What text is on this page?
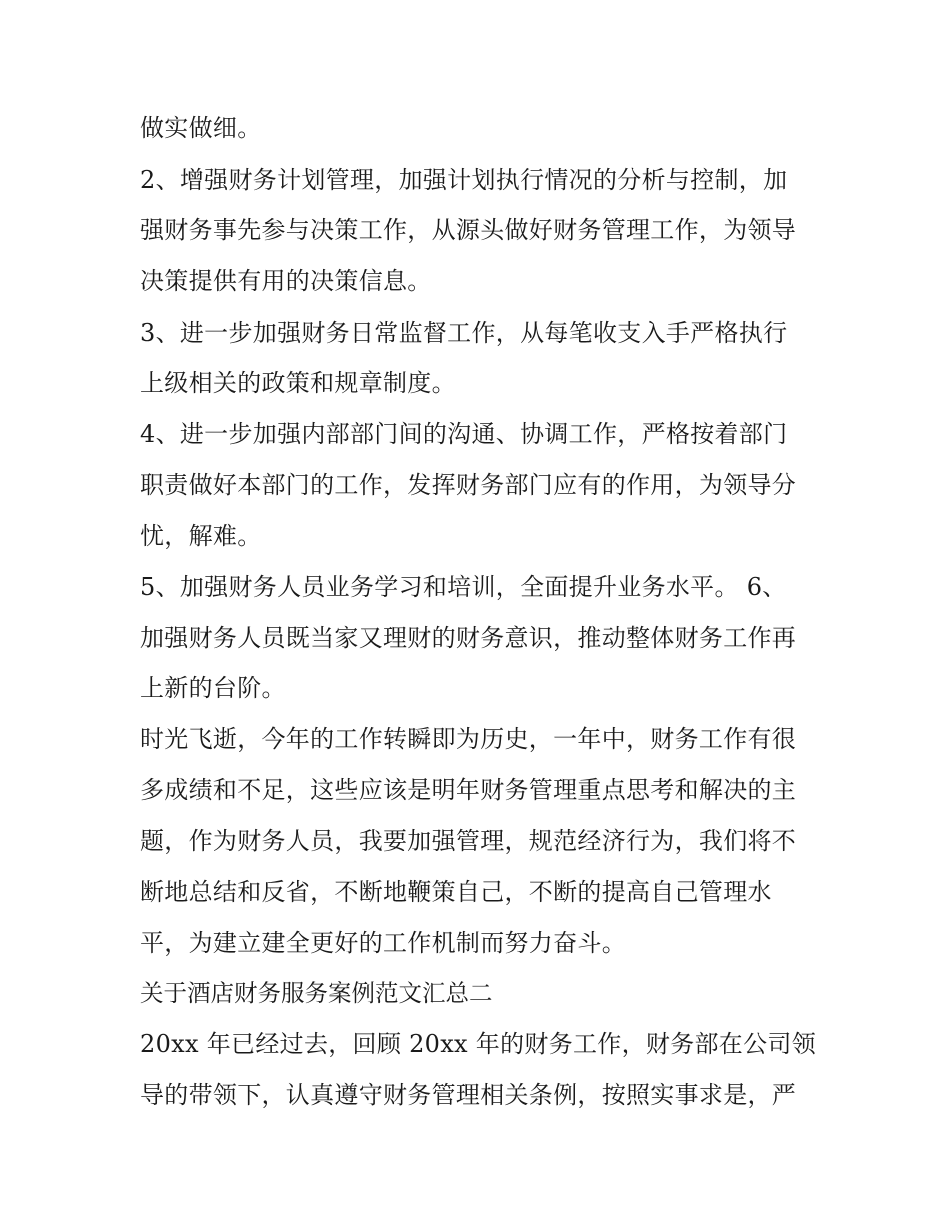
做实做细。
2、增强财务计划管理，加强计划执行情况的分析与控制，加
强财务事先参与决策工作，从源头做好财务管理工作，为领导
决策提供有用的决策信息。
3、进一步加强财务日常监督工作，从每笔收支入手严格执行
上级相关的政策和规章制度。
4、进一步加强内部部门间的沟通、协调工作，严格按着部门
职责做好本部门的工作，发挥财务部门应有的作用，为领导分
忧，解难。
5、加强财务人员业务学习和培训，全面提升业务水平。 6、
加强财务人员既当家又理财的财务意识，推动整体财务工作再
上新的台阶。
时光飞逝，今年的工作转瞬即为历史，一年中，财务工作有很
多成绩和不足，这些应该是明年财务管理重点思考和解决的主
题，作为财务人员，我要加强管理，规范经济行为，我们将不
断地总结和反省，不断地鞭策自己，不断的提高自己管理水
平，为建立建全更好的工作机制而努力奋斗。
关于酒店财务服务案例范文汇总二
20xx 年已经过去，回顾 20xx 年的财务工作，财务部在公司领
导的带领下，认真遵守财务管理相关条例，按照实事求是，严
